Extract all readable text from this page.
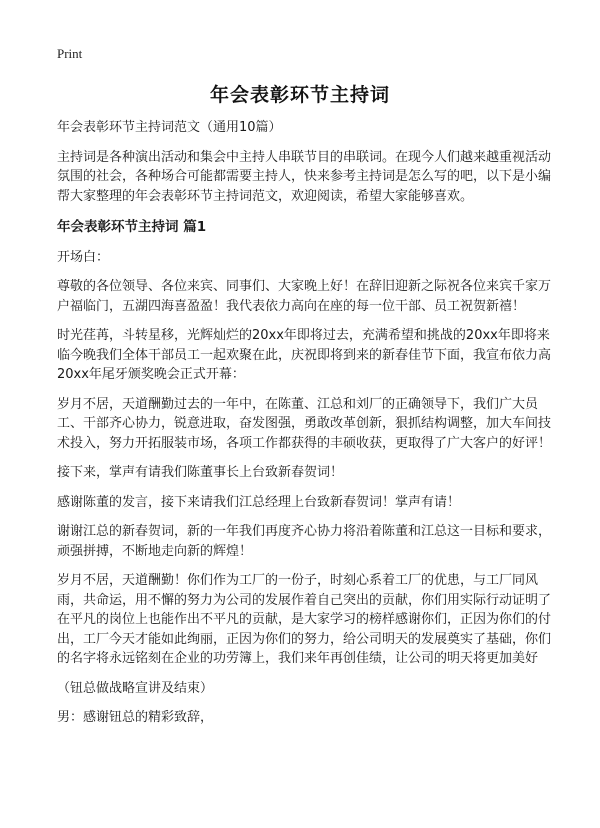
Print
年会表彰环节主持词

年会表彰环节主持词范文（通用10篇）

主持词是各种演出活动和集会中主持人串联节目的串联词。在现今人们越来越重视活动氛围的社会，各种场合可能都需要主持人，快来参考主持词是怎么写的吧，以下是小编帮大家整理的年会表彰环节主持词范文，欢迎阅读，希望大家能够喜欢。

年会表彰环节主持词 篇1

开场白：

尊敬的各位领导、各位来宾、同事们、大家晚上好！在辞旧迎新之际祝各位来宾千家万户福临门，五湖四海喜盈盈！我代表依力高向在座的每一位干部、员工祝贺新禧！

时光荏苒，斗转星移，光辉灿烂的20xx年即将过去，充满希望和挑战的20xx年即将来临今晚我们全体干部员工一起欢聚在此，庆祝即将到来的新春佳节下面，我宣布依力高20xx年尾牙颁奖晚会正式开幕：

岁月不居，天道酬勤过去的一年中，在陈董、江总和刘厂的正确领导下，我们广大员工、干部齐心协力，锐意进取，奋发图强，勇敢改革创新，狠抓结构调整，加大车间技术投入，努力开拓服装市场，各项工作都获得的丰硕收获，更取得了广大客户的好评！

接下来，掌声有请我们陈董事长上台致新春贺词！

感谢陈董的发言，接下来请我们江总经理上台致新春贺词！掌声有请！

谢谢江总的新春贺词，新的一年我们再度齐心协力将沿着陈董和江总这一目标和要求，顽强拼搏，不断地走向新的辉煌！

岁月不居，天道酬勤！你们作为工厂的一份子，时刻心系着工厂的优患，与工厂同风雨，共命运，用不懈的努力为公司的发展作着自己突出的贡献，你们用实际行动证明了在平凡的岗位上也能作出不平凡的贡献，是大家学习的榜样感谢你们，正因为你们的付出，工厂今天才能如此绚丽，正因为你们的努力，给公司明天的发展奠实了基础，你们的名字将永远铭刻在企业的功劳簿上，我们来年再创佳绩，让公司的明天将更加美好

（钮总做战略宣讲及结束）

男：感谢钮总的精彩致辞，
